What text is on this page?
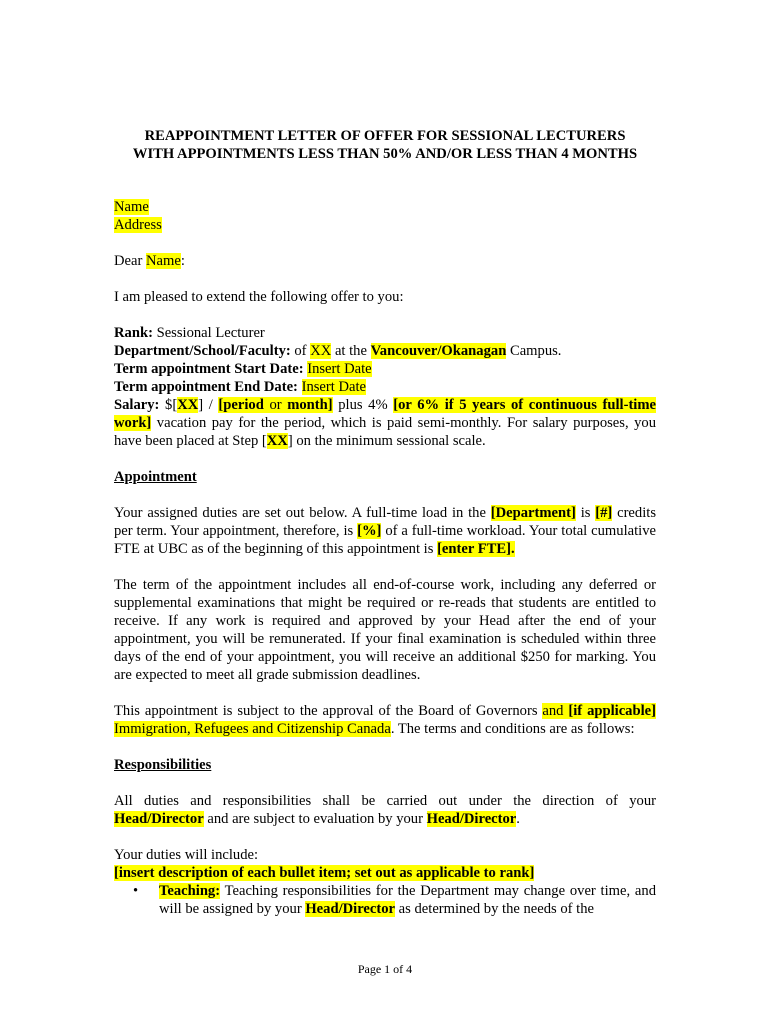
REAPPOINTMENT LETTER OF OFFER FOR SESSIONAL LECTURERS

WITH APPOINTMENTS LESS THAN 50% AND/OR LESS THAN 4 MONTHS

Name

Address

Dear Name:

I am pleased to extend the following offer to you:

Rank: Sessional Lecturer

Department/School/Faculty: of XX at the Vancouver/Okanagan Campus.

Term appointment Start Date: Insert Date

Term appointment End Date: Insert Date

Salary: $[XX] / [period or month] plus 4% [or 6% if 5 years of continuous full-time work] vacation pay for the period, which is paid semi-monthly. For salary purposes, you have been placed at Step [XX] on the minimum sessional scale.

Appointment

Your assigned duties are set out below. A full-time load in the [Department] is [#] credits per term. Your appointment, therefore, is [%] of a full-time workload. Your total cumulative FTE at UBC as of the beginning of this appointment is [enter FTE].

The term of the appointment includes all end-of-course work, including any deferred or supplemental examinations that might be required or re-reads that students are entitled to receive. If any work is required and approved by your Head after the end of your appointment, you will be remunerated. If your final examination is scheduled within three days of the end of your appointment, you will receive an additional $250 for marking. You are expected to meet all grade submission deadlines.

This appointment is subject to the approval of the Board of Governors and [if applicable] Immigration, Refugees and Citizenship Canada. The terms and conditions are as follows:

Responsibilities

All duties and responsibilities shall be carried out under the direction of your Head/Director and are subject to evaluation by your Head/Director.

Your duties will include:

[insert description of each bullet item; set out as applicable to rank]

• Teaching: Teaching responsibilities for the Department may change over time, and will be assigned by your Head/Director as determined by the needs of the
Page 1 of 4
